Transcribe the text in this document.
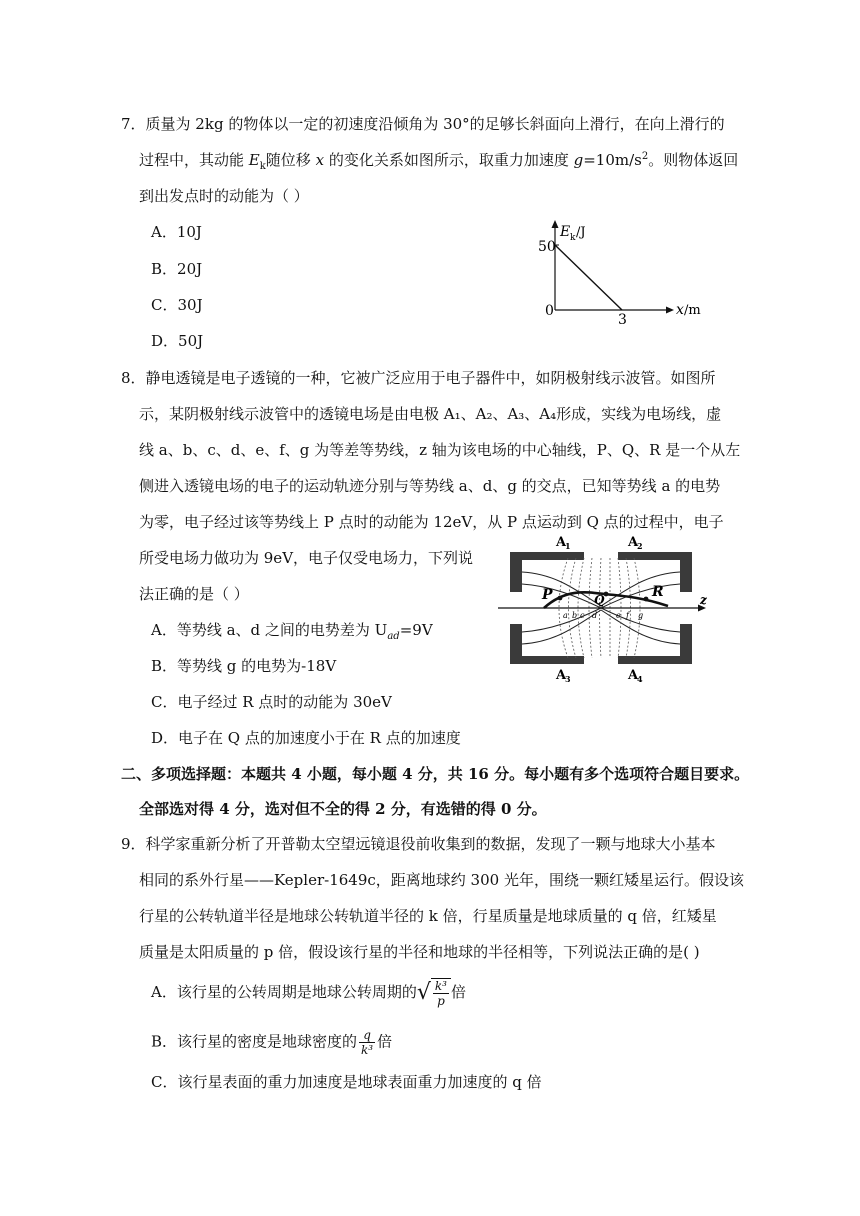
7．质量为 2kg 的物体以一定的初速度沿倾角为 30°的足够长斜面向上滑行，在向上滑行的
过程中，其动能 $E_k$随位移 x 的变化关系如图所示，取重力加速度 $g=10m/s^2$。则物体返回
到出发点时的动能为（ ）
A．10J
B．20J
C．30J
D．50J
E k /J
50
0
3
x /m
8．静电透镜是电子透镜的一种，它被广泛应用于电子器件中，如阴极射线示波管。如图所
示，某阴极射线示波管中的透镜电场是由电极 A₁、A₂、A₃、A₄形成，实线为电场线，虚
线 a、b、c、d、e、f、g 为等差等势线，z 轴为该电场的中心轴线，P、Q、R 是一个从左
侧进入透镜电场的电子的运动轨迹分别与等势线 a、d、g 的交点，已知等势线 a 的电势
为零，电子经过该等势线上 P 点时的动能为 12eV，从 P 点运动到 Q 点的过程中，电子
所受电场力做功为 9eV，电子仅受电场力，下列说
法正确的是（ ）
A．等势线 a、d 之间的电势差为 $U_{ad}=9V$
B．等势线 g 的电势为-18V
C．电子经过 R 点时的动能为 30eV
D．电子在 Q 点的加速度小于在 R 点的加速度
A
1	A
2
A
3	A
4
P	Q	R	z
a b c d e f g
二、多项选择题：本题共 4 小题，每小题 4 分，共 16 分。每小题有多个选项符合题目要求。
全部选对得 4 分，选对但不全的得 2 分，有选错的得 0 分。
9．科学家重新分析了开普勒太空望远镜退役前收集到的数据，发现了一颗与地球大小基本
相同的系外行星——Kepler-1649c，距离地球约 300 光年，围绕一颗红矮星运行。假设该
行星的公转轨道半径是地球公转轨道半径的 k 倍，行星质量是地球质量的 q 倍，红矮星
质量是太阳质量的 p 倍，假设该行星的半径和地球的半径相等，下列说法正确的是( )
A．该行星的公转周期是地球公转周期的√ $\frac{\text{k³}}{p}$ 倍
B．该行星的密度是地球密度的 $\frac{q}{\text{k³}}$ 倍
C．该行星表面的重力加速度是地球表面重力加速度的 q 倍
